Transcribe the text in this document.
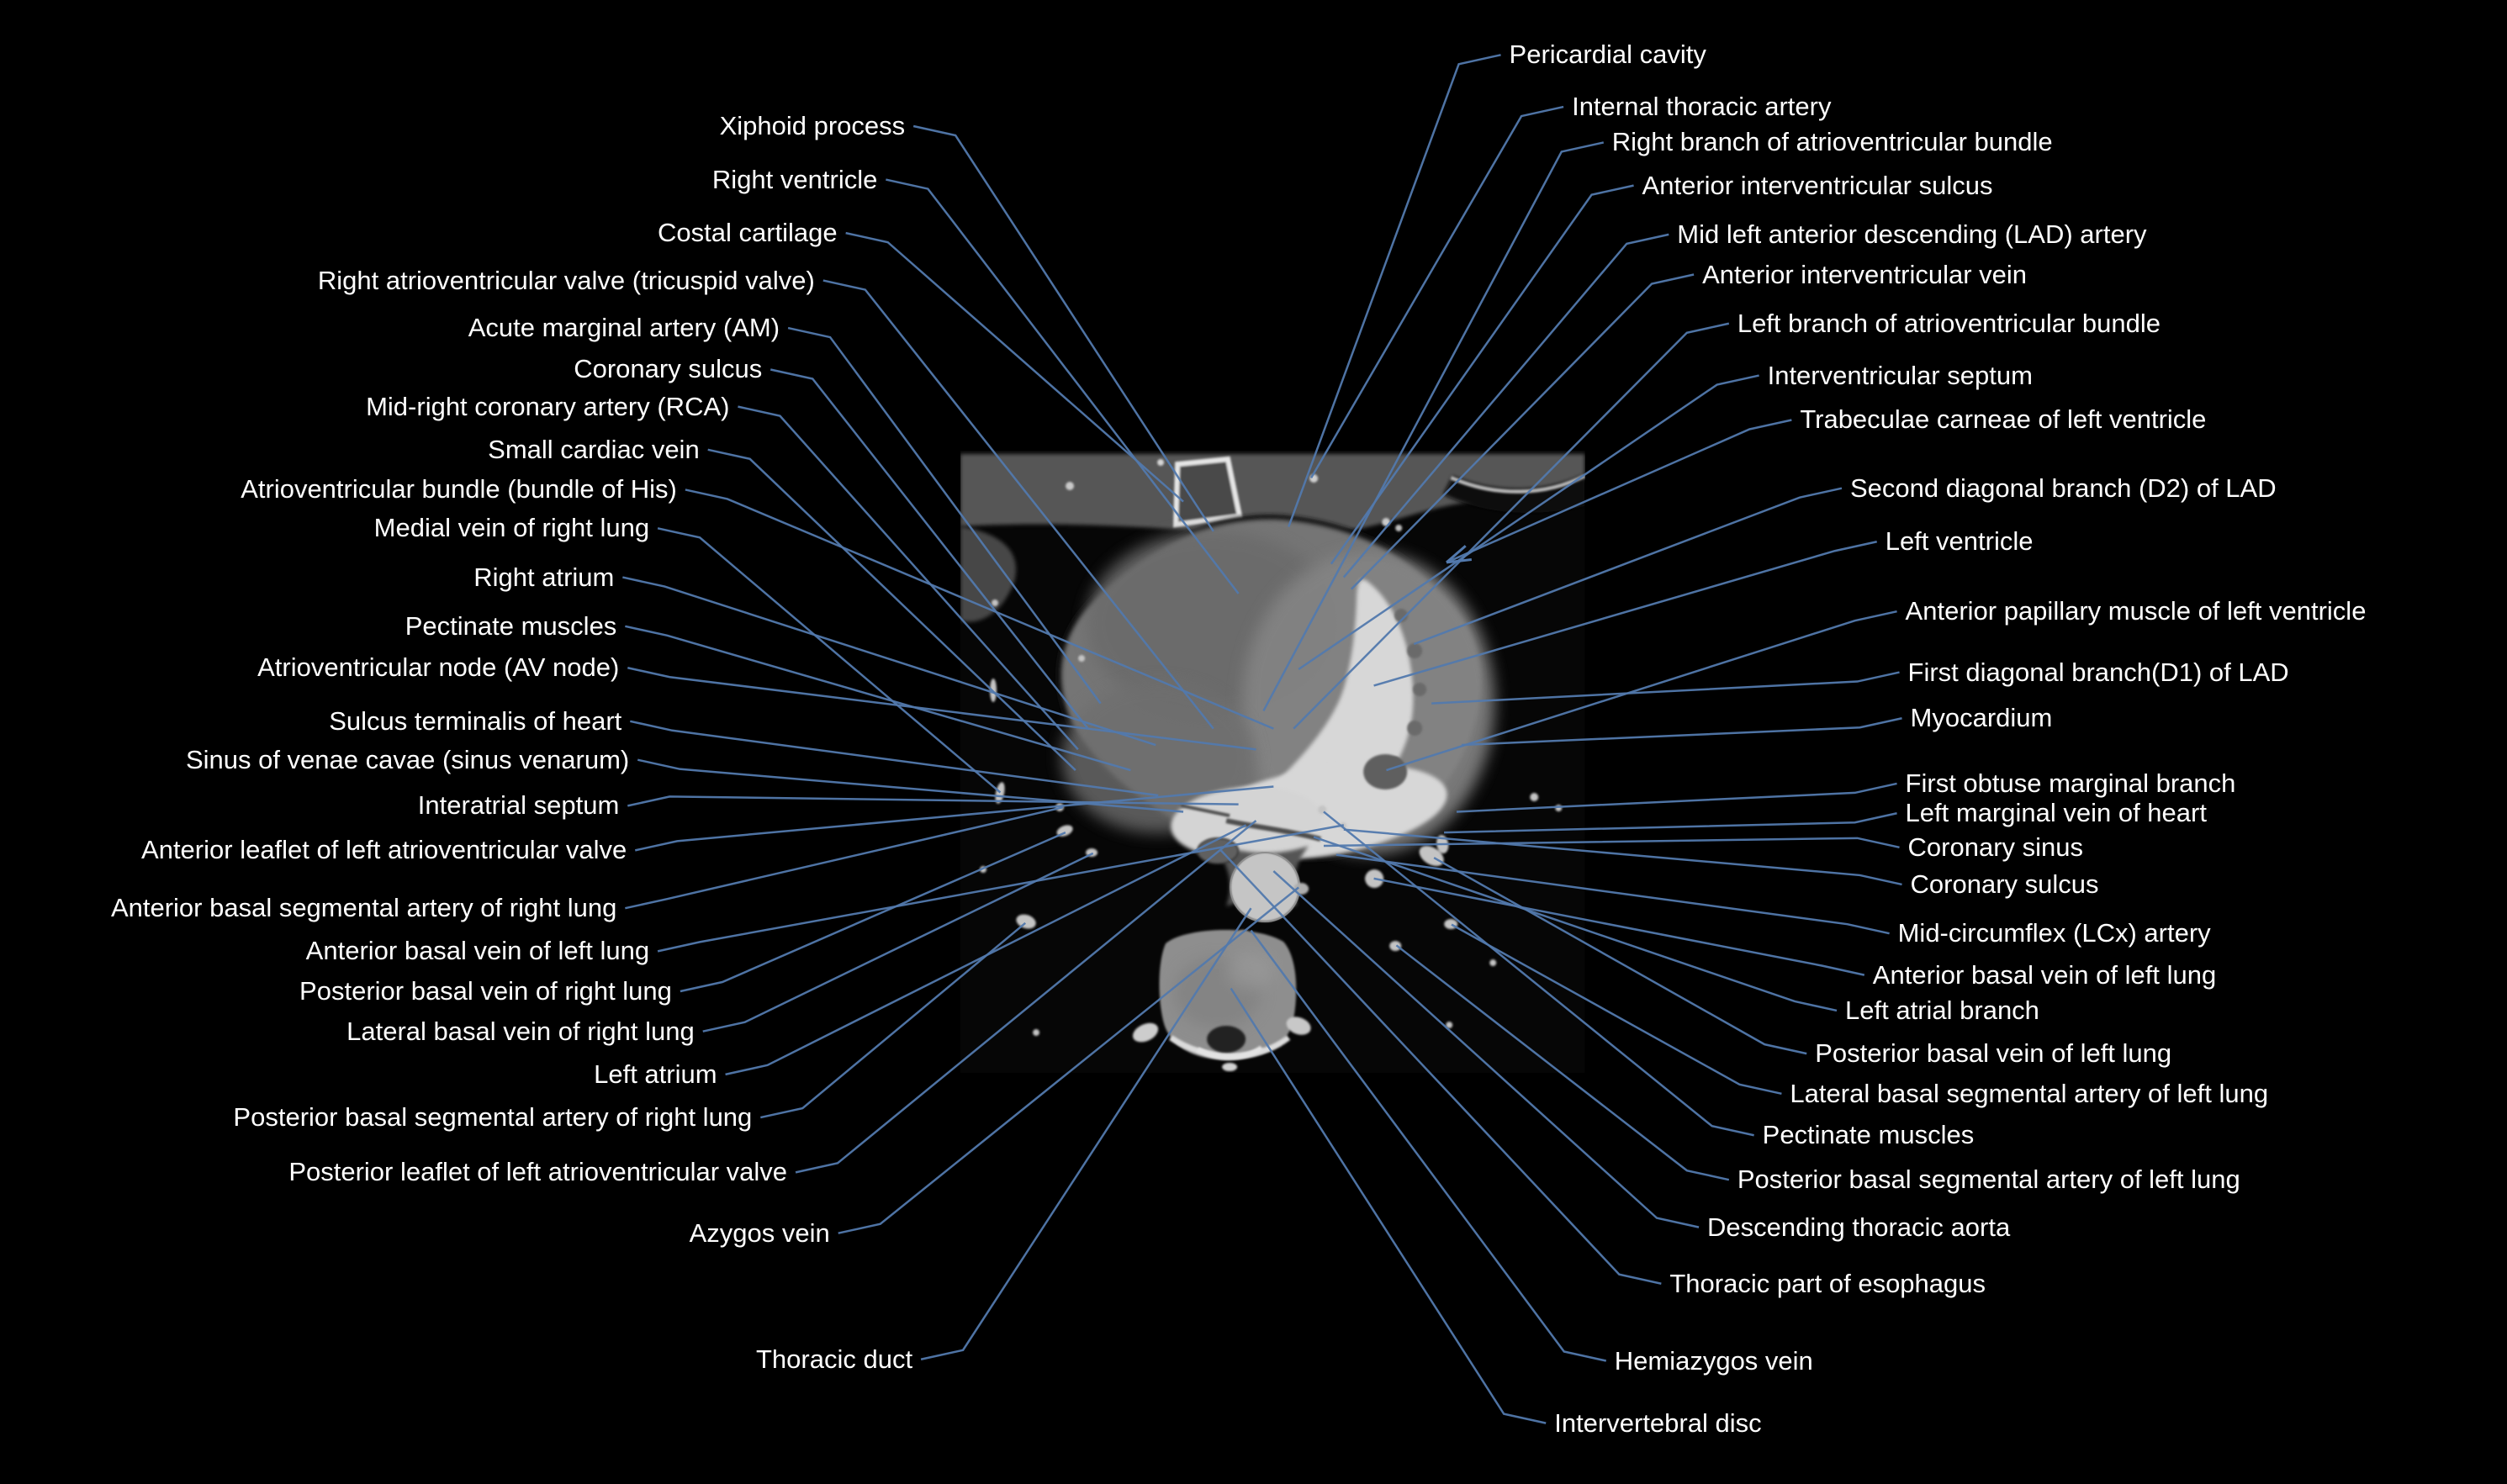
Xiphoid process
Right ventricle
Costal cartilage
Right atrioventricular valve (tricuspid valve)
Acute marginal artery (AM)
Coronary sulcus
Mid-right coronary artery (RCA)
Small cardiac vein
Atrioventricular bundle (bundle of His)
Medial vein of right lung
Right atrium
Pectinate muscles
Atrioventricular node (AV node)
Sulcus terminalis of heart
Sinus of venae cavae (sinus venarum)
Interatrial septum
Anterior leaflet of left atrioventricular valve
Anterior basal segmental artery of right lung
Anterior basal vein of left lung
Posterior basal vein of right lung
Lateral basal vein of right lung
Left atrium
Posterior basal segmental artery of right lung
Posterior leaflet of left atrioventricular valve
Azygos vein
Thoracic duct
Pericardial cavity
Internal thoracic artery
Right branch of atrioventricular bundle
Anterior interventricular sulcus
Mid left anterior descending (LAD) artery
Anterior interventricular vein
Left branch of atrioventricular bundle
Interventricular septum
Trabeculae carneae of left ventricle
Second diagonal branch (D2) of LAD
Left ventricle
Anterior papillary muscle of left ventricle
First diagonal branch(D1) of LAD
Myocardium
First obtuse marginal branch
Left marginal vein of heart
Coronary sinus
Coronary sulcus
Mid-circumflex (LCx) artery
Anterior basal vein of left lung
Left atrial branch
Posterior basal vein of left lung
Lateral basal segmental artery of left lung
Pectinate muscles
Posterior basal segmental artery of left lung
Descending thoracic aorta
Thoracic part of esophagus
Hemiazygos vein
Intervertebral disc
